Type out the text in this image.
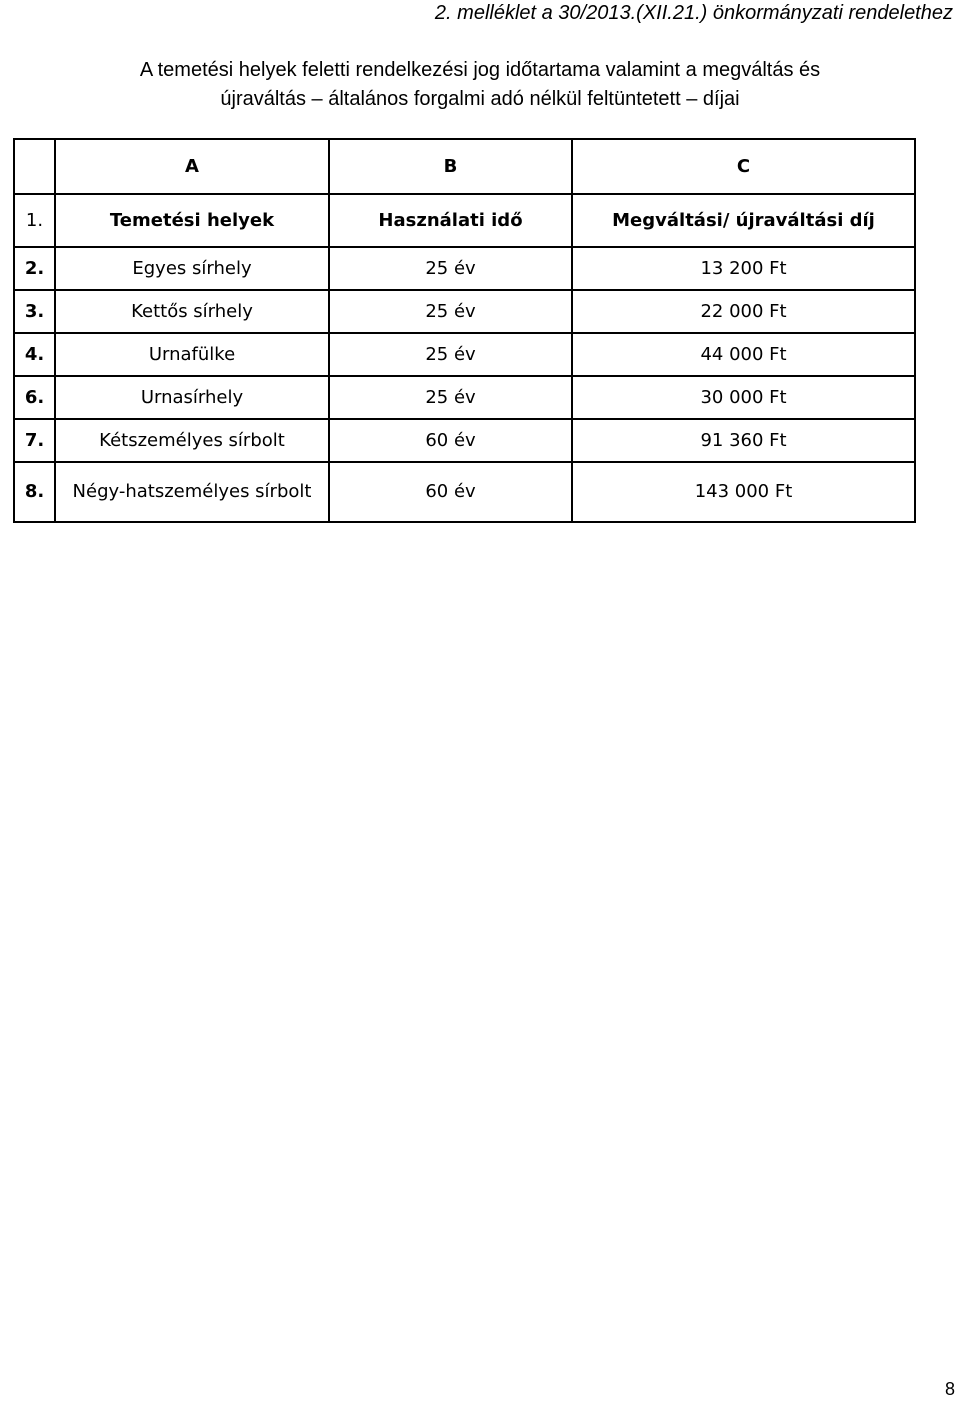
2. melléklet a 30/2013.(XII.21.) önkormányzati rendelethez
A temetési helyek feletti rendelkezési jog időtartama valamint a megváltás és
újraváltás – általános forgalmi adó nélkül feltüntetett – díjai
	A	B	C
1.	Temetési helyek	Használati idő	Megváltási/ újraváltási díj
2.	Egyes sírhely	25 év	13 200 Ft
3.	Kettős sírhely	25 év	22 000 Ft
4.	Urnafülke	25 év	44 000 Ft
6.	Urnasírhely	25 év	30 000 Ft
7.	Kétszemélyes sírbolt	60 év	91 360 Ft
8.	Négy-hatszemélyes sírbolt	60 év	143 000 Ft
8
